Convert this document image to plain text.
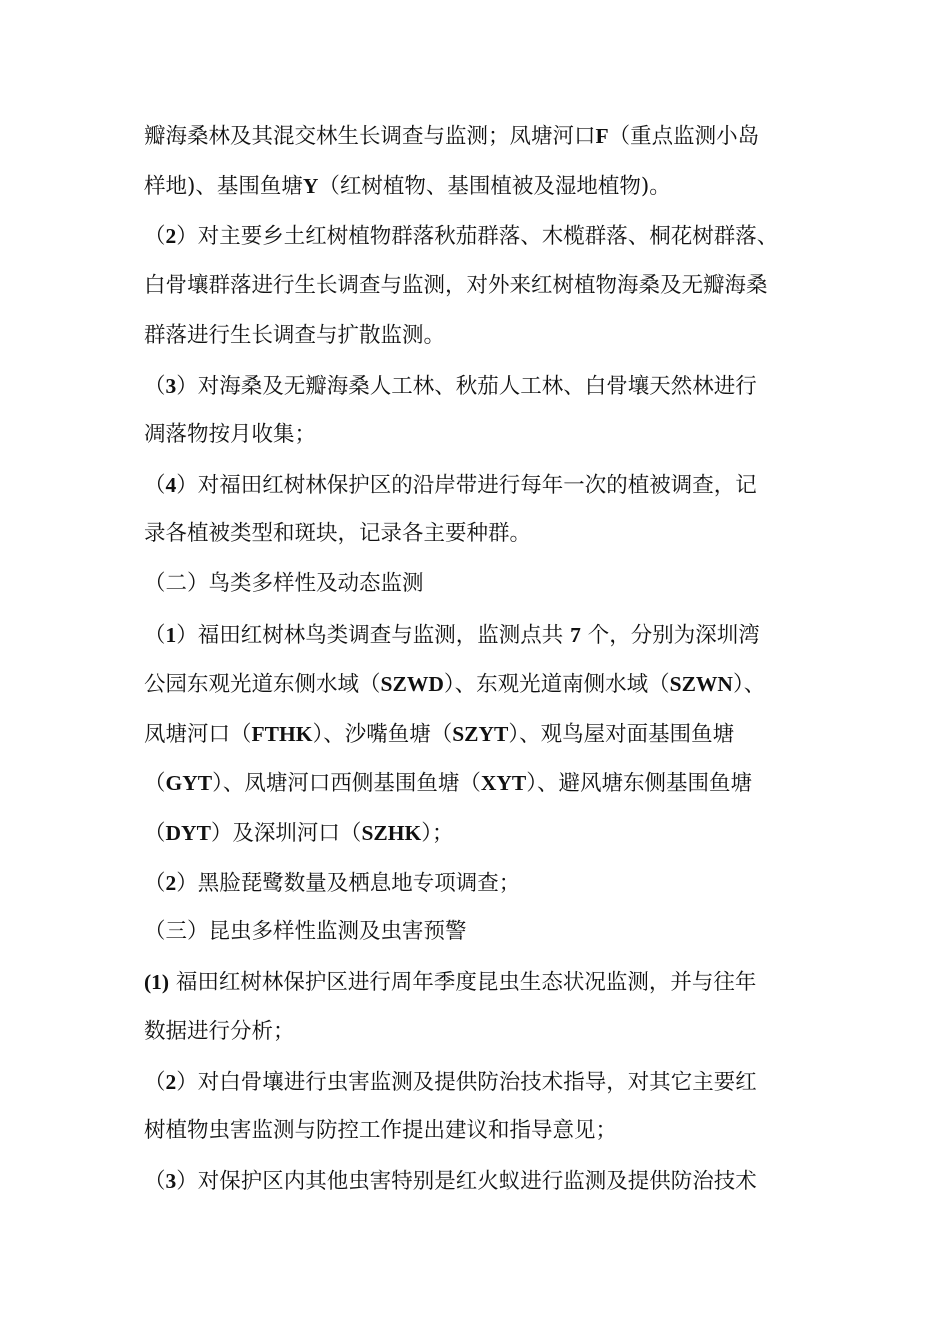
瓣海桑林及其混交林生长调查与监测；凤塘河口F（重点监测小岛
样地)、基围鱼塘Y（红树植物、基围植被及湿地植物)。
（2）对主要乡土红树植物群落秋茄群落、木榄群落、桐花树群落、
白骨壤群落进行生长调查与监测，对外来红树植物海桑及无瓣海桑
群落进行生长调查与扩散监测。
（3）对海桑及无瓣海桑人工林、秋茄人工林、白骨壤天然林进行
凋落物按月收集；
（4）对福田红树林保护区的沿岸带进行每年一次的植被调查，记
录各植被类型和斑块，记录各主要种群。
（二）鸟类多样性及动态监测
（1）福田红树林鸟类调查与监测，监测点共 7 个，分别为深圳湾
公园东观光道东侧水域（SZWD）、东观光道南侧水域（SZWN）、
凤塘河口（FTHK）、沙嘴鱼塘（SZYT）、观鸟屋对面基围鱼塘
（GYT）、凤塘河口西侧基围鱼塘（XYT）、避风塘东侧基围鱼塘
（DYT）及深圳河口（SZHK）；
（2）黑脸琵鹭数量及栖息地专项调查；
（三）昆虫多样性监测及虫害预警
(1) 福田红树林保护区进行周年季度昆虫生态状况监测，并与往年
数据进行分析；
（2）对白骨壤进行虫害监测及提供防治技术指导，对其它主要红
树植物虫害监测与防控工作提出建议和指导意见；
（3）对保护区内其他虫害特别是红火蚁进行监测及提供防治技术
